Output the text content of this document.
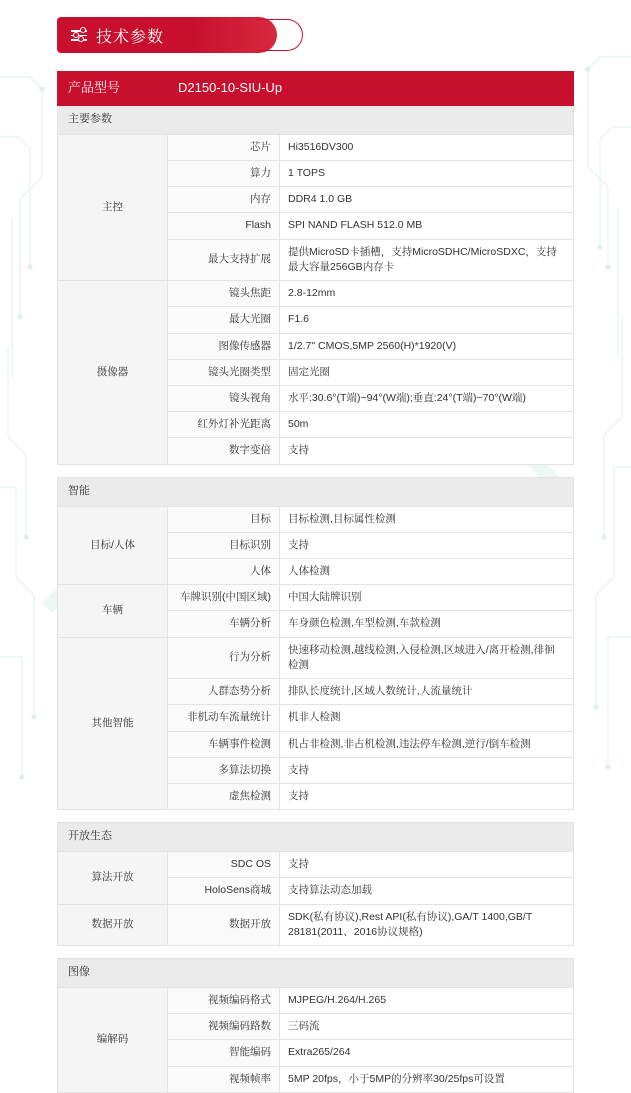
技术参数
产品型号	D2150-10-SIU-Up	
主要参数		
主控	芯片	Hi3516DV300
	算力	1 TOPS
	内存	DDR4 1.0 GB
	Flash	SPI NAND FLASH 512.0 MB
	最大支持扩展	提供MicroSD卡插槽，支持MicroSDHC/MicroSDXC，支持最大容量256GB内存卡
摄像器	镜头焦距	2.8-12mm
	最大光圈	F1.6
	图像传感器	1/2.7" CMOS,5MP 2560(H)*1920(V)
	镜头光圈类型	固定光圈
	镜头视角	水平:30.6°(T端)~94°(W端);垂直:24°(T端)~70°(W端)
	红外灯补光距离	50m
	数字变倍	支持

智能		
目标/人体	目标	目标检测,目标属性检测
	目标识别	支持
	人体	人体检测
车辆	车牌识别(中国区域)	中国大陆牌识别
	车辆分析	车身颜色检测,车型检测,车款检测
其他智能	行为分析	快速移动检测,越线检测,入侵检测,区域进入/离开检测,徘徊检测
	人群态势分析	排队长度统计,区域人数统计,人流量统计
	非机动车流量统计	机非人检测
	车辆事件检测	机占非检测,非占机检测,违法停车检测,逆行/倒车检测
	多算法切换	支持
	虚焦检测	支持

开放生态		
算法开放	SDC OS	支持
	HoloSens商城	支持算法动态加载
数据开放	数据开放	SDK(私有协议),Rest API(私有协议),GA/T 1400,GB/T 28181(2011、2016协议规格)

图像		
编解码	视频编码格式	MJPEG/H.264/H.265
	视频编码路数	三码流
	智能编码	Extra265/264
	视频帧率	5MP 20fps，小于5MP的分辨率30/25fps可设置
